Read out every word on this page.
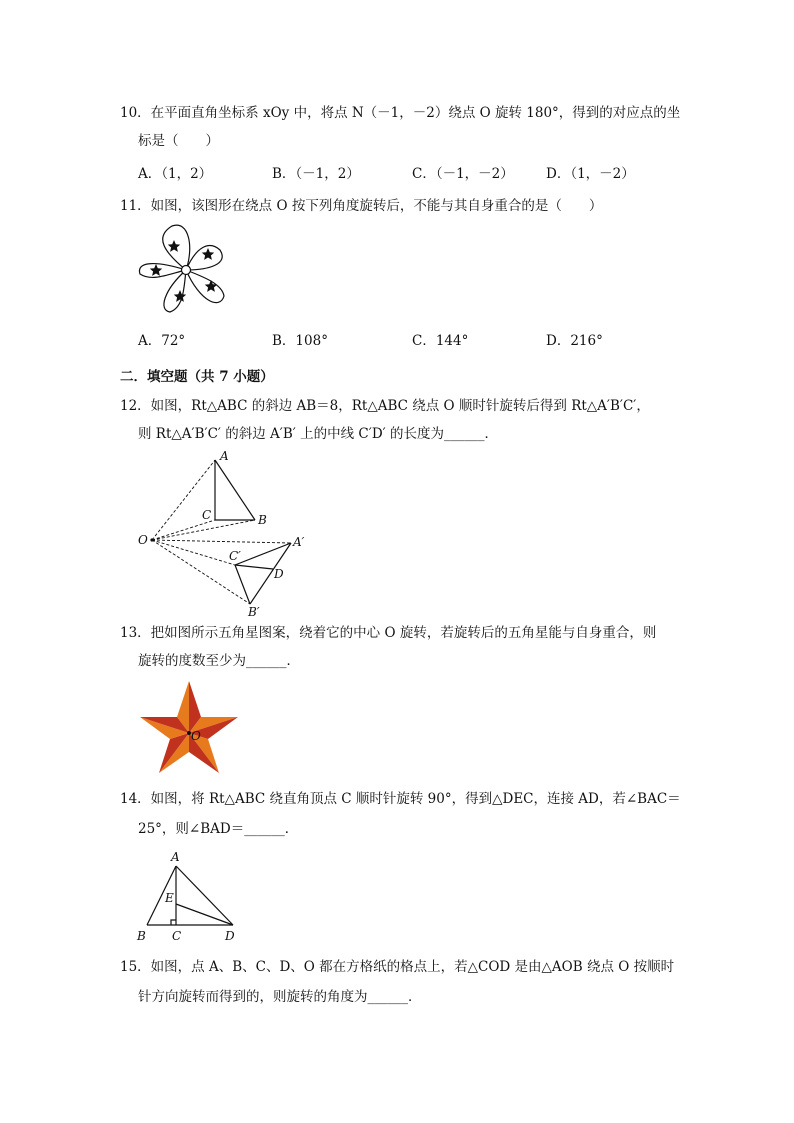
10．在平面直角坐标系 xOy 中，将点 N（－1，－2）绕点 O 旋转 180°，得到的对应点的坐
标是（　　）
A．（1，2）	B．（－1，2）	C．（－1，－2） D．（1，－2）
11．如图，该图形在绕点 O 按下列角度旋转后，不能与其自身重合的是（　　）
A．72°	B．108°	C．144°	D．216°
二．填空题（共 7 小题）
12．如图，Rt△ABC 的斜边 AB＝8，Rt△ABC 绕点 O 顺时针旋转后得到 Rt△A′B′C′，
则 Rt△A′B′C′ 的斜边 A′B′ 上的中线 C′D′ 的长度为______．
A
B
C
O	A′
B′
C′
D
13．把如图所示五角星图案，绕着它的中心 O 旋转，若旋转后的五角星能与自身重合，则
旋转的度数至少为______．
O
14．如图，将 Rt△ABC 绕直角顶点 C 顺时针旋转 90°，得到△DEC，连接 AD，若∠BAC＝
25°，则∠BAD＝______．
A
B C	D
E
15．如图，点 A、B、C、D、O 都在方格纸的格点上，若△COD 是由△AOB 绕点 O 按顺时
针方向旋转而得到的，则旋转的角度为______．
